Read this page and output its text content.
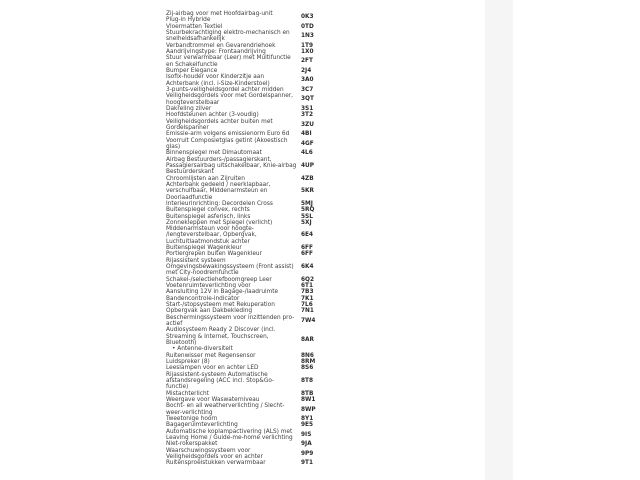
Zij-airbag voor met Hoofdairbag-unit
Plug-in Hybride
0K3
Vloermatten Textiel	0TD
Stuurbekrachtiging elektro-mechanisch en
snelheidsafhankelijk
1N3
Verbandtrommel en Gevarendriehoek	1T9
Aandrijvingstype: Frontaandrijving	1X0
Stuur verwarmbaar (Leer) met Multifunctie
en Schakelfunctie
2FT
Bumper Elegance	2J4
Isofix-houder voor Kinderzitje aan
Achterbank (incl. i-Size-Kinderstoel)
3A0
3-punts-veiligheidsgordel achter midden	3C7
Veiligheidsgordels voor met Gordelspanner,
hoogteverstelbaar
3QT
Dakreling zilver	3S1
Hoofdsteunen achter (3-voudig)	3T2
Veiligheidsgordels achter buiten met
Gordelspanner
3ZU
Emissie-arm volgens emissienorm Euro 6d	4BI
Voorruit Composietglas getint (Akoestisch
glas)
4GF
Binnenspiegel met Dimautomaat	4L6
Airbag Bestuurders-/passagierskant,
Passagiersairbag uitschakelbaar, Knie-airbag
Bestuurderskant
4UP
Chroomlijsten aan Zijruiten	4ZB
Achterbank gedeeld / neerklapbaar,
verschuifbaar, Middenarmsteun en
Doorlaadfunctie
5KR
Interieurinrichting: Decordelen Cross	5MJ
Buitenspiegel convex, rechts	5RQ
Buitenspiegel asferisch, links	5SL
Zonnekleppen met Spiegel (verlicht)	5XJ
Middenarmsteun voor hoogte-
/lengteverstelbaar, Opbergvak,
Luchtuitlaatmondstuk achter
6E4
Buitenspiegel Wagenkleur	6FF
Portiergrepen buiten Wagenkleur	6FF
Rijassistent systeem
Omgevingsbewakingssysteem (Front assist)
met City-noodremfunctie
6K4
Schakel-/selectiehefboomgreep Leer	6Q2
Voetenruimteverlichting voor	6T1
Aansluiting 12V in Bagage-/laadruimte	7B3
Bandencontrole-indicator	7K1
Start-/stopsysteem met Rekuperation	7L6
Opbergvak aan Dakbekleding	7N1
Beschermingssysteem voor inzittenden pro-
actief
7W4
Audiosysteem Ready 2 Discover (incl.
Streaming & Internet, Touchscreen,
Bluetooth)
• Antenne-diversiteit
8AR
Ruitenwisser met Regensensor	8N6
Luidspreker (8)	8RM
Leeslampen voor en achter LED	8S6
Rijassistent-systeem Automatische
afstandsregeling (ACC incl. Stop&Go-
functie)
8T8
Mistachterlicht	8TB
Weergave voor Waswaterniveau	8W1
Bocht- en all weatherverlichting / Slecht-
weer-verlichting
8WP
Tweetonige hoorn	8Y1
Bagageruimteverlichting	9E5
Automatische koplampactivering (ALS) met
Leaving Home / Guide-me-home verlichting
9IS
Niet-rokerspakket	9JA
Waarschuwingssysteem voor
Veiligheidsgordels voor en achter
9P9
Ruitensproeistukken verwarmbaar	9T1
